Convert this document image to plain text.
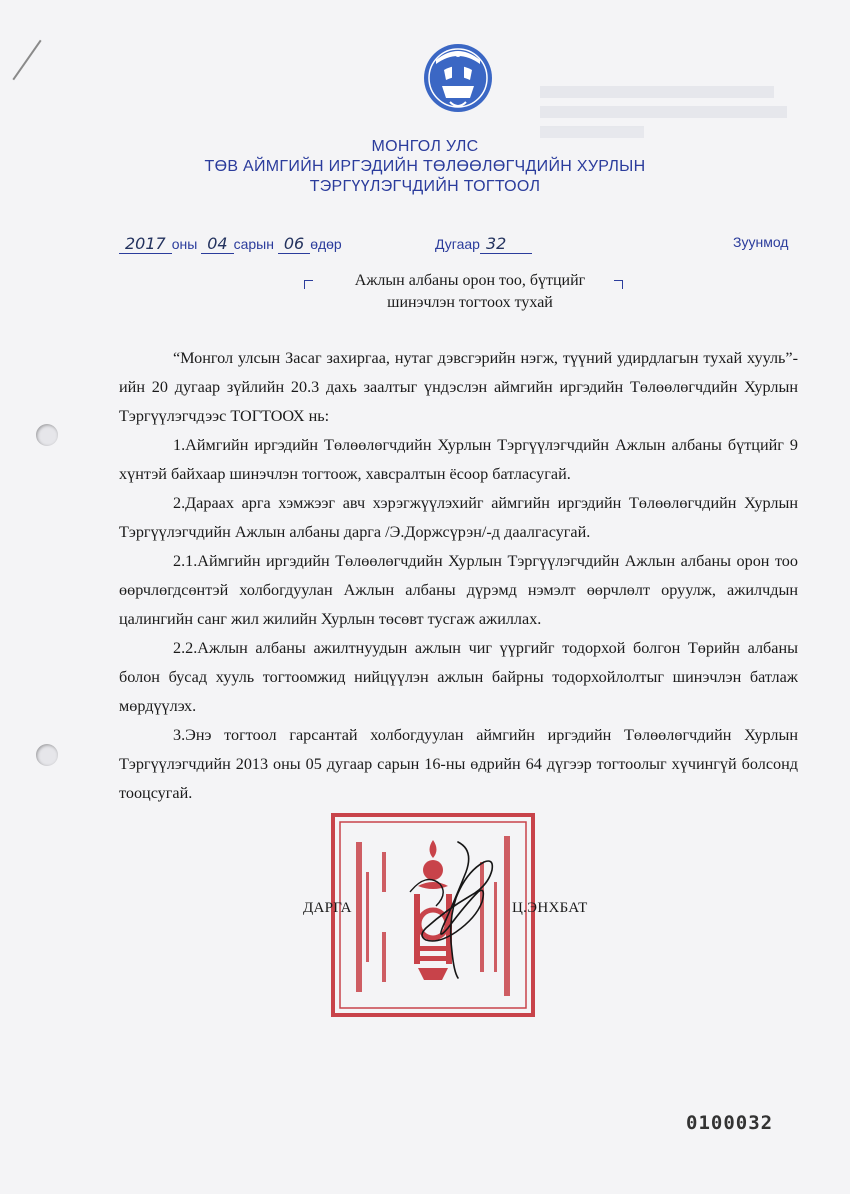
МОНГОЛ УЛС
ТӨВ АЙМГИЙН ИРГЭДИЙН ТӨЛӨӨЛӨГЧДИЙН ХУРЛЫН
ТЭРГҮҮЛЭГЧДИЙН ТОГТООЛ
2017 оны 04 сарын 06 өдөр	Дугаар 32	Зуунмод
Ажлын албаны орон тоо, бүтцийг
шинэчлэн тогтоох тухай

“Монгол улсын Засаг захиргаа, нутаг дэвсгэрийн нэгж, түүний удирдлагын тухай хууль”-ийн 20 дугаар зүйлийн 20.3 дахь заалтыг үндэслэн аймгийн иргэдийн Төлөөлөгчдийн Хурлын Тэргүүлэгчдээс ТОГТООХ нь:

1.Аймгийн иргэдийн Төлөөлөгчдийн Хурлын Тэргүүлэгчдийн Ажлын албаны бүтцийг 9 хүнтэй байхаар шинэчлэн тогтоож, хавсралтын ёсоор батласугай.

2.Дараах арга хэмжээг авч хэрэгжүүлэхийг аймгийн иргэдийн Төлөөлөгчдийн Хурлын Тэргүүлэгчдийн Ажлын албаны дарга /Э.Доржсүрэн/-д даалгасугай.

2.1.Аймгийн иргэдийн Төлөөлөгчдийн Хурлын Тэргүүлэгчдийн Ажлын албаны орон тоо өөрчлөгдсөнтэй холбогдуулан Ажлын албаны дүрэмд нэмэлт өөрчлөлт оруулж, ажилчдын цалингийн санг жил жилийн Хурлын төсөвт тусгаж ажиллах.

2.2.Ажлын албаны ажилтнуудын ажлын чиг үүргийг тодорхой болгон Төрийн албаны болон бусад хууль тогтоомжид нийцүүлэн ажлын байрны тодорхойлолтыг шинэчлэн батлаж мөрдүүлэх.

3.Энэ тогтоол гарсантай холбогдуулан аймгийн иргэдийн Төлөөлөгчдийн Хурлын Тэргүүлэгчдийн 2013 оны 05 дугаар сарын 16-ны өдрийн 64 дүгээр тогтоолыг хүчингүй болсонд тооцсугай.

ДАРГА	Ц.ЭНХБАТ
0100032
